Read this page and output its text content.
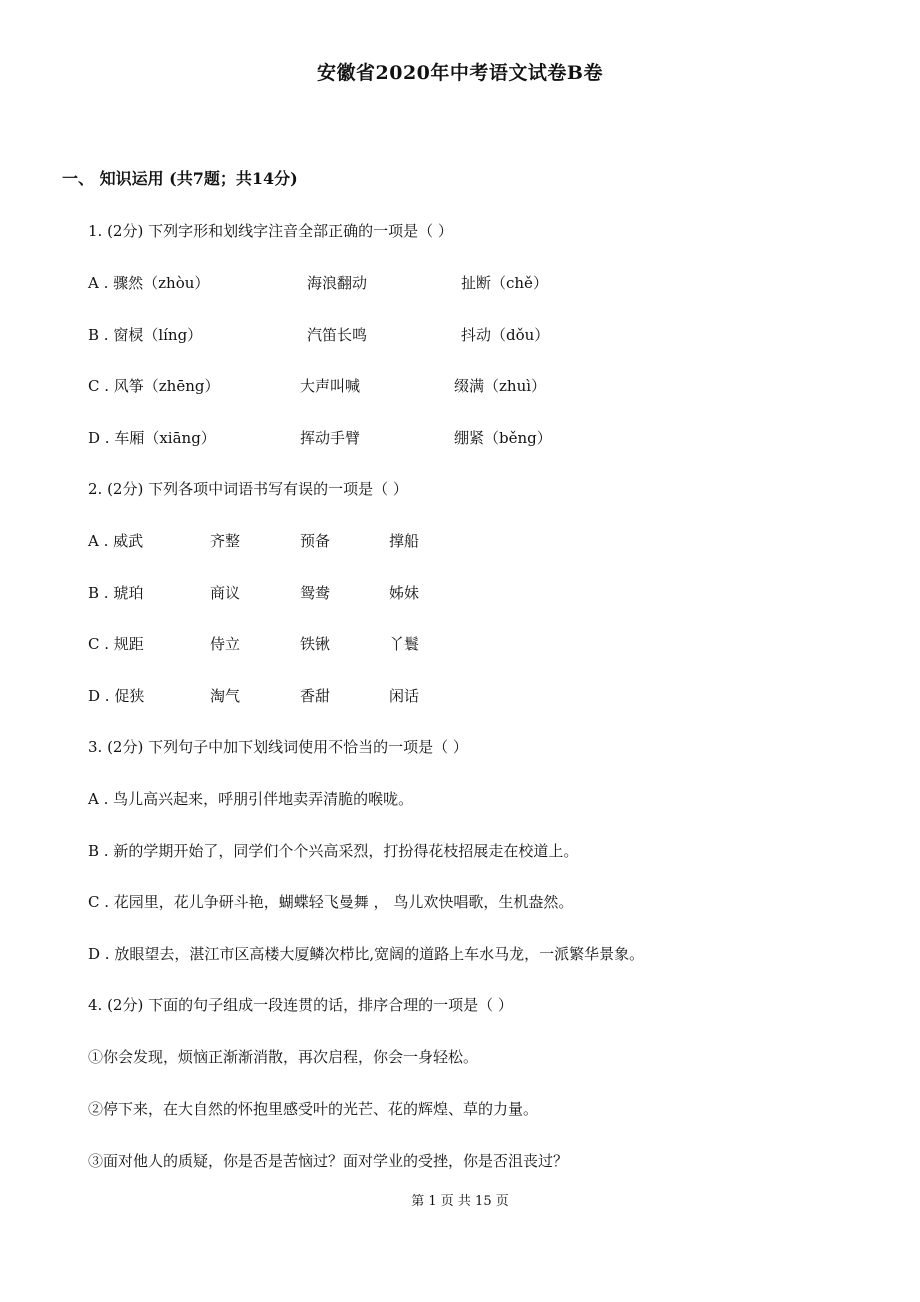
安徽省2020年中考语文试卷B卷
一、 知识运用 (共7题；共14分)
1. (2分) 下列字形和划线字注音全部正确的一项是（ ）
A . 骤然（zhòu）	海浪翻动	扯断（chě）
B . 窗棂（líng）	汽笛长鸣	抖动（dǒu）
C . 风筝（zhēng）	大声叫喊	缀满（zhuì）
D . 车厢（xiāng）	挥动手臂	绷紧（běng）
2. (2分) 下列各项中词语书写有误的一项是（ ）
A . 威武	齐整	预备	撑船
B . 琥珀	商议	鸳鸯	姊妹
C . 规距	侍立	铁锹	丫鬟
D . 促狭	淘气	香甜	闲话
3. (2分) 下列句子中加下划线词使用不恰当的一项是（ ）
A . 鸟儿高兴起来，呼朋引伴地卖弄清脆的喉咙。
B . 新的学期开始了，同学们个个兴高采烈，打扮得花枝招展走在校道上。
C . 花园里，花儿争研斗艳，蝴蝶轻飞曼舞 ， 鸟儿欢快唱歌，生机盎然。
D . 放眼望去，湛江市区高楼大厦鳞次栉比,宽阔的道路上车水马龙，一派繁华景象。
4. (2分) 下面的句子组成一段连贯的话，排序合理的一项是（ ）
①你会发现，烦恼正渐渐消散，再次启程，你会一身轻松。
②停下来，在大自然的怀抱里感受叶的光芒、花的辉煌、草的力量。
③面对他人的质疑，你是否是苦恼过？面对学业的受挫，你是否沮丧过？
第 1 页 共 15 页
